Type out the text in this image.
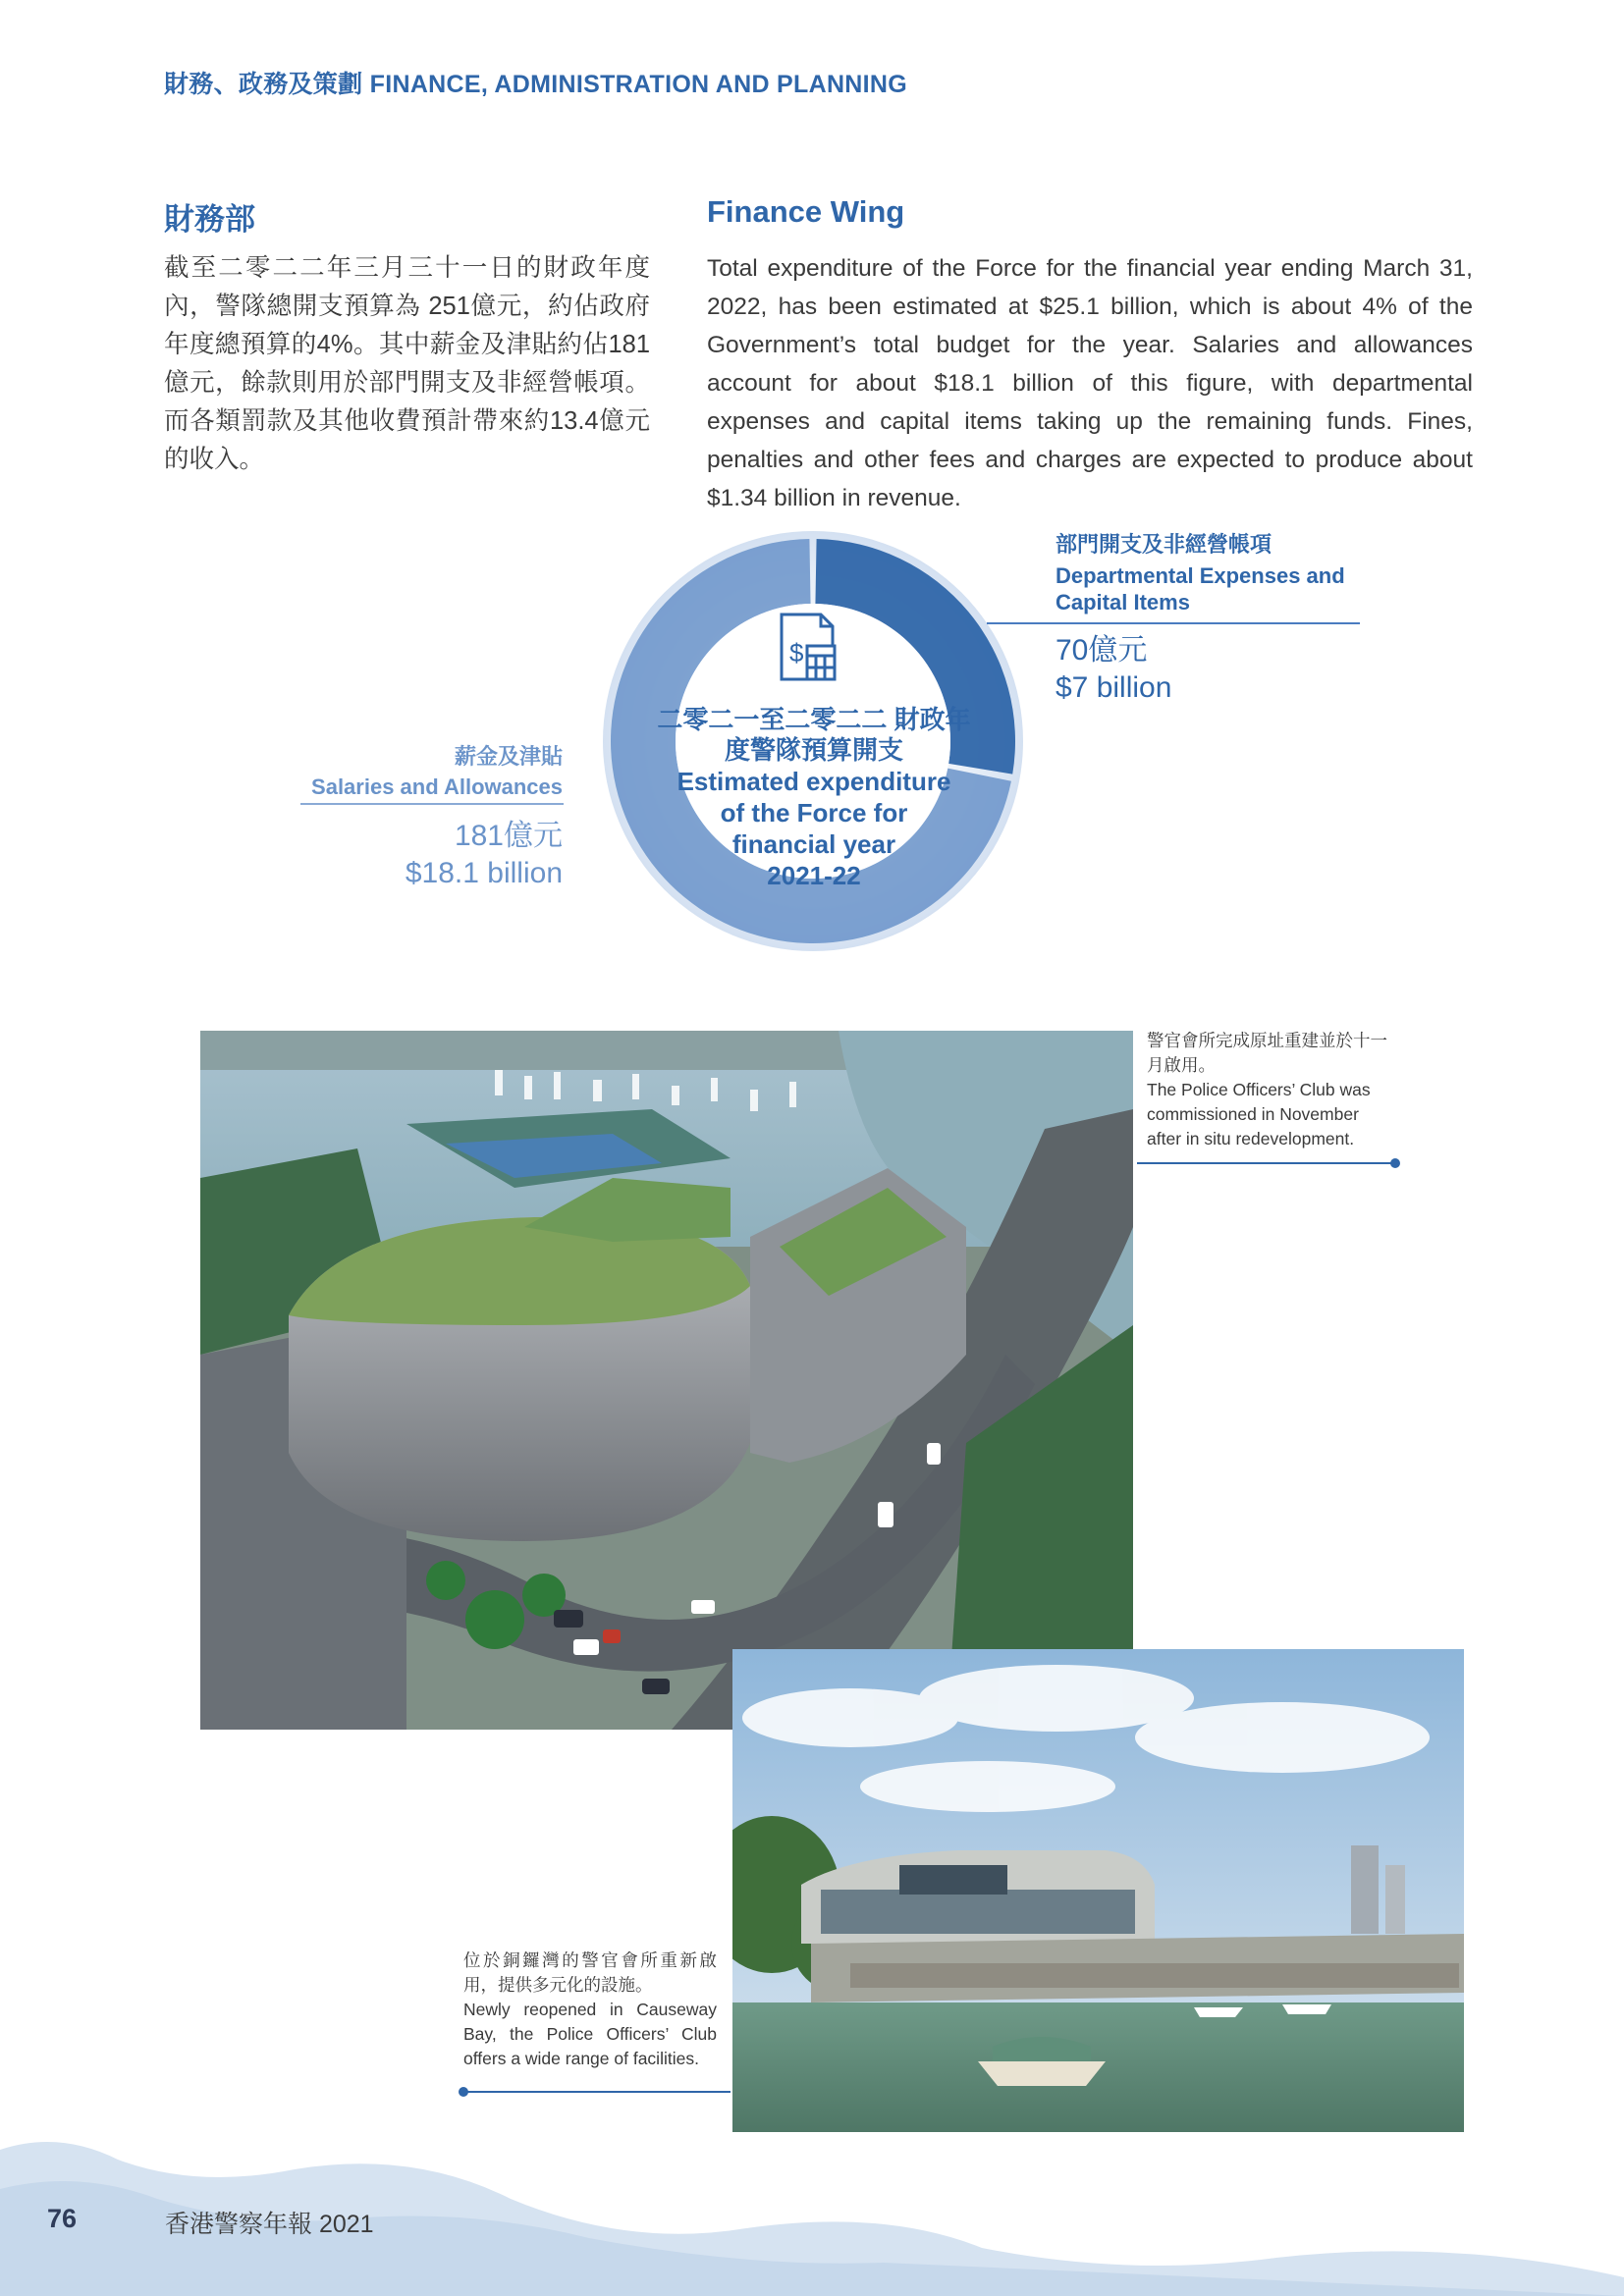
財務、政務及策劃 FINANCE, ADMINISTRATION AND PLANNING
財務部	Finance Wing

截至二零二二年三月三十一日的財政年度內，警隊總開支預算為 251億元，約佔政府年度總預算的4%。其中薪金及津貼約佔181億元，餘款則用於部門開支及非經營帳項。而各類罰款及其他收費預計帶來約13.4億元的收入。

Total expenditure of the Force for the financial year ending March 31, 2022, has been estimated at $25.1 billion, which is about 4% of the Government’s total budget for the year. Salaries and allowances account for about $18.1 billion of this figure, with departmental expenses and capital items taking up the remaining funds. Fines, penalties and other fees and charges are expected to produce about $1.34 billion in revenue.

$
二零二一至二零二二 財政年度警隊預算開支
Estimated expenditure
of the Force for
financial year
2021-22
部門開支及非經營帳項
Departmental Expenses and
Capital Items
70億元
$7 billion
薪金及津貼
Salaries and Allowances
181億元
$18.1 billion
警官會所完成原址重建並於十一月啟用。
The Police Officers’ Club was commissioned in November after in situ redevelopment.
位於銅鑼灣的警官會所重新啟用，提供多元化的設施。
Newly reopened in Causeway Bay, the Police Officers’ Club offers a wide range of facilities.
76	香港警察年報 2021
